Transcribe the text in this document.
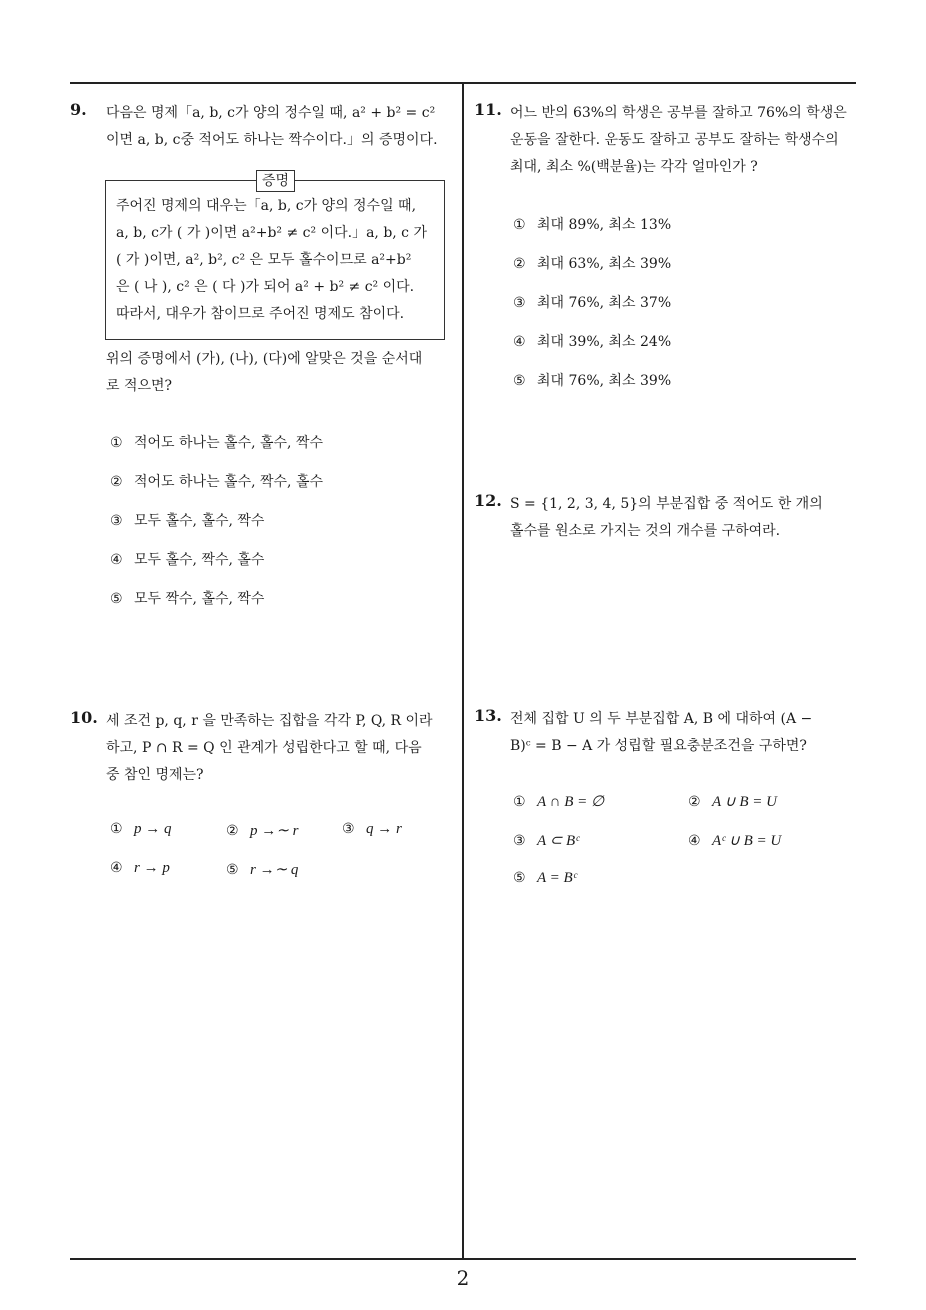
9. 다음은 명제「a, b, c가 양의 정수일 때, a² + b² = c²
이면 a, b, c중 적어도 하나는 짝수이다.」의 증명이다.
증명
주어진 명제의 대우는「a, b, c가 양의 정수일 때,
a, b, c가 ( 가 )이면 a²+b² ≠ c² 이다.」a, b, c 가
( 가 )이면, a², b², c² 은 모두 홀수이므로 a²+b²
은 ( 나 ), c² 은 ( 다 )가 되어 a² + b² ≠ c² 이다.
따라서, 대우가 참이므로 주어진 명제도 참이다.
위의 증명에서 (가), (나), (다)에 알맞은 것을 순서대
로 적으면?
① 적어도 하나는 홀수, 홀수, 짝수
② 적어도 하나는 홀수, 짝수, 홀수
③ 모두 홀수, 홀수, 짝수
④ 모두 홀수, 짝수, 홀수
⑤ 모두 짝수, 홀수, 짝수
10. 세 조건 p, q, r 을 만족하는 집합을 각각 P, Q, R 이라
하고, P ∩ R = Q 인 관계가 성립한다고 할 때, 다음
중 참인 명제는?
① p → q	② p →∼ r	③ q → r
④ r → p	⑤ r →∼ q
11. 어느 반의 63%의 학생은 공부를 잘하고 76%의 학생은
운동을 잘한다. 운동도 잘하고 공부도 잘하는 학생수의
최대, 최소 %(백분율)는 각각 얼마인가 ?
① 최대 89%, 최소 13%
② 최대 63%, 최소 39%
③ 최대 76%, 최소 37%
④ 최대 39%, 최소 24%
⑤ 최대 76%, 최소 39%
12. S = {1, 2, 3, 4, 5}의 부분집합 중 적어도 한 개의
홀수를 원소로 가지는 것의 개수를 구하여라.
13. 전체 집합 U 의 두 부분집합 A, B 에 대하여 (A −
B)ᶜ = B − A 가 성립할 필요충분조건을 구하면?
① A ∩ B = ∅	② A ∪ B = U
③ A ⊂ Bᶜ	④ Aᶜ ∪ B = U
⑤ A = Bᶜ
2
